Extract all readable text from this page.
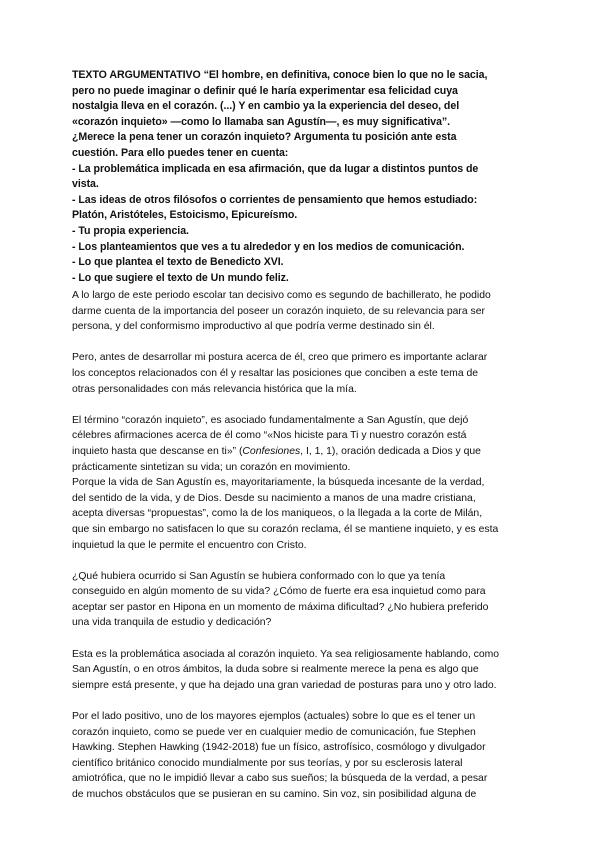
TEXTO ARGUMENTATIVO “El hombre, en definitiva, conoce bien lo que no le sacia,
pero no puede imaginar o definir qué le haría experimentar esa felicidad cuya
nostalgia lleva en el corazón. (...) Y en cambio ya la experiencia del deseo, del
«corazón inquieto» —como lo llamaba san Agustín—, es muy significativa”.
¿Merece la pena tener un corazón inquieto? Argumenta tu posición ante esta
cuestión. Para ello puedes tener en cuenta:
- La problemática implicada en esa afirmación, que da lugar a distintos puntos de
vista.
- Las ideas de otros filósofos o corrientes de pensamiento que hemos estudiado:
Platón, Aristóteles, Estoicismo, Epicureísmo.
- Tu propia experiencia.
- Los planteamientos que ves a tu alrededor y en los medios de comunicación.
- Lo que plantea el texto de Benedicto XVI.
- Lo que sugiere el texto de Un mundo feliz.

A lo largo de este periodo escolar tan decisivo como es segundo de bachillerato, he podido
darme cuenta de la importancia del poseer un corazón inquieto, de su relevancia para ser
persona, y del conformismo improductivo al que podría verme destinado sin él.

Pero, antes de desarrollar mi postura acerca de él, creo que primero es importante aclarar
los conceptos relacionados con él y resaltar las posiciones que conciben a este tema de
otras personalidades con más relevancia histórica que la mía.

El término “corazón inquieto”, es asociado fundamentalmente a San Agustín, que dejó
célebres afirmaciones acerca de él como “«Nos hiciste para Ti y nuestro corazón está
inquieto hasta que descanse en ti»” (Confesiones, I, 1, 1), oración dedicada a Dios y que
prácticamente sintetizan su vida; un corazón en movimiento.

Porque la vida de San Agustín es, mayoritariamente, la búsqueda incesante de la verdad,
del sentido de la vida, y de Dios. Desde su nacimiento a manos de una madre cristiana,
acepta diversas “propuestas”, como la de los maniqueos, o la llegada a la corte de Milán,
que sin embargo no satisfacen lo que su corazón reclama, él se mantiene inquieto, y es esta
inquietud la que le permite el encuentro con Cristo.

¿Qué hubiera ocurrido si San Agustín se hubiera conformado con lo que ya tenía
conseguido en algún momento de su vida? ¿Cómo de fuerte era esa inquietud como para
aceptar ser pastor en Hipona en un momento de máxima dificultad? ¿No hubiera preferido
una vida tranquila de estudio y dedicación?

Esta es la problemática asociada al corazón inquieto. Ya sea religiosamente hablando, como
San Agustín, o en otros ámbitos, la duda sobre si realmente merece la pena es algo que
siempre está presente, y que ha dejado una gran variedad de posturas para uno y otro lado.

Por el lado positivo, uno de los mayores ejemplos (actuales) sobre lo que es el tener un
corazón inquieto, como se puede ver en cualquier medio de comunicación, fue Stephen
Hawking. Stephen Hawking (1942-2018) fue un físico, astrofísico, cosmólogo y divulgador
científico británico conocido mundialmente por sus teorías, y por su esclerosis lateral
amiotrófica, que no le impidió llevar a cabo sus sueños; la búsqueda de la verdad, a pesar
de muchos obstáculos que se pusieran en su camino. Sin voz, sin posibilidad alguna de
